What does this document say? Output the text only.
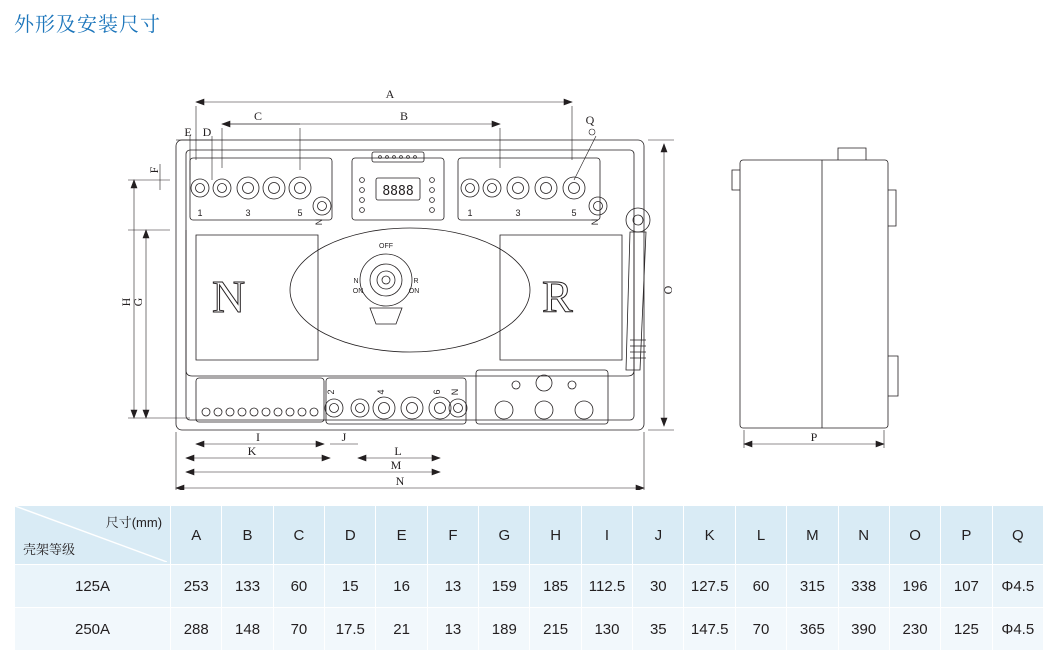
外形及安装尺寸
8888
1	3	5
N
1	3	5
N
N	R
OFF
N	R
ON	ON
2	4	6 N
A
B
C
D
E
F
G
H
I
K
J
L
M
N
O
Q
P
尺寸(mm)
壳架等级	A	B	C	D	E	F	G	H	I	J	K	L	M	N	O	P	Q
125A	253	133	60	15	16	13	159	185	112.5	30	127.5	60	315	338	196	107	Φ4.5
250A	288	148	70	17.5	21	13	189	215	130	35	147.5	70	365	390	230	125	Φ4.5
